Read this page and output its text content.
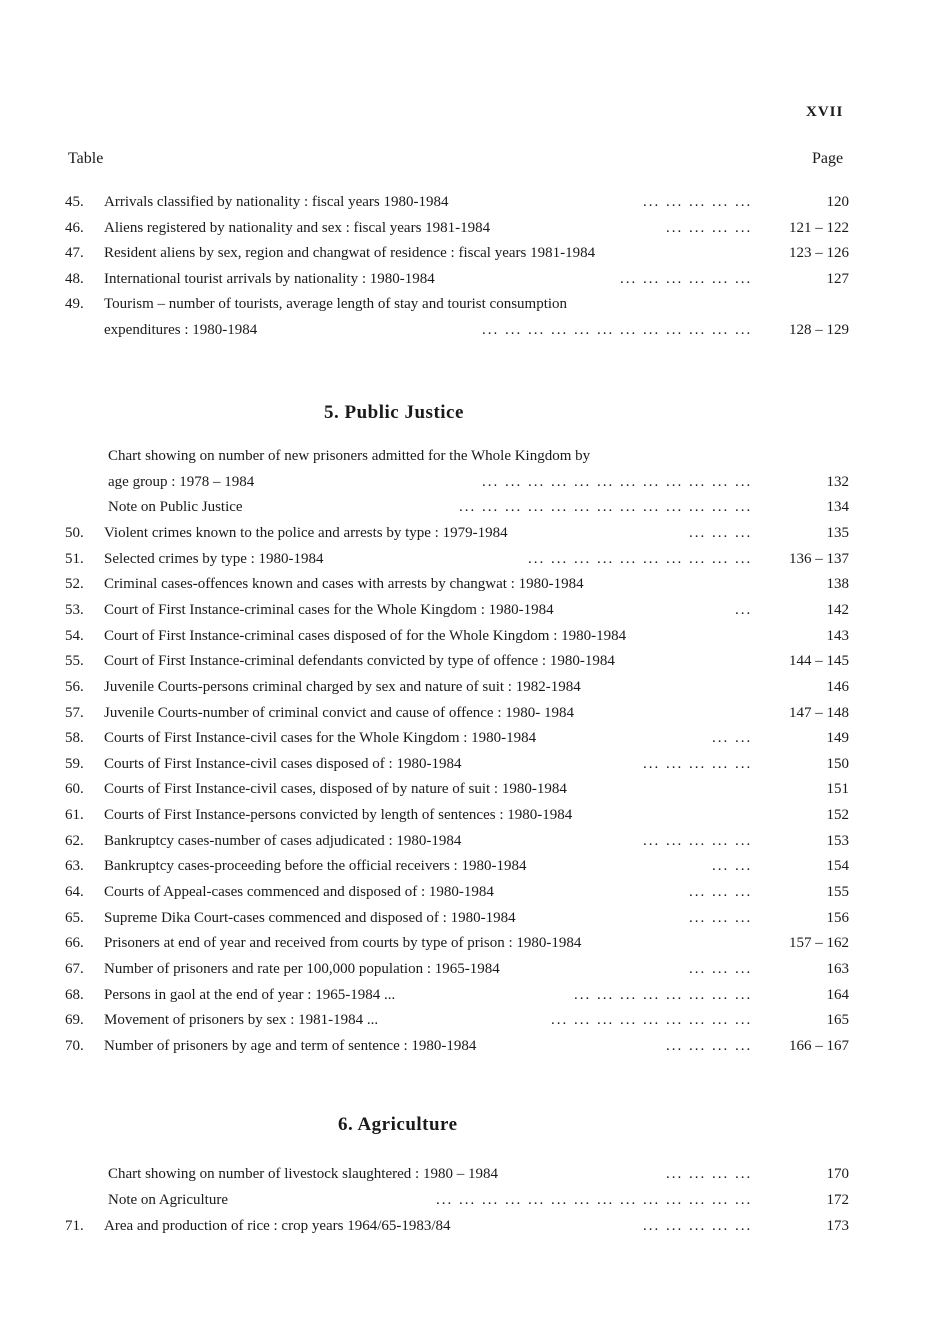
XVII
Table	Page
45.	Arrivals classified by nationality : fiscal years 1980-1984	... ... ... ... ...	120
46.	Aliens registered by nationality and sex : fiscal years 1981-1984	... ... ... ... 121 – 122
47.	Resident aliens by sex, region and changwat of residence : fiscal years 1981-1984	123 – 126
48.	International tourist arrivals by nationality : 1980-1984	... ... ... ... ... ...	127
49.	Tourism – number of tourists, average length of stay and tourist consumption
expenditures : 1980-1984	... ... ... ... ... ... ... ... ... ... ... ... 128 – 129
5. Public Justice
Chart showing on number of new prisoners admitted for the Whole Kingdom by
age group : 1978 – 1984	... ... ... ... ... ... ... ... ... ... ... ...	132
Note on Public Justice	... ... ... ... ... ... ... ... ... ... ... ... ...	134
50.	Violent crimes known to the police and arrests by type : 1979-1984	... ... ...	135
51.	Selected crimes by type : 1980-1984	... ... ... ... ... ... ... ... ... ... 136 – 137
52.	Criminal cases-offences known and cases with arrests by changwat : 1980-1984	138
53.	Court of First Instance-criminal cases for the Whole Kingdom : 1980-1984	...	142
54.	Court of First Instance-criminal cases disposed of for the Whole Kingdom : 1980-1984	143
55.	Court of First Instance-criminal defendants convicted by type of offence : 1980-1984	144 – 145
56.	Juvenile Courts-persons criminal charged by sex and nature of suit : 1982-1984	146
57.	Juvenile Courts-number of criminal convict and cause of offence : 1980- 1984	147 – 148
58.	Courts of First Instance-civil cases for the Whole Kingdom : 1980-1984	... ...	149
59.	Courts of First Instance-civil cases disposed of : 1980-1984	... ... ... ... ...	150
60.	Courts of First Instance-civil cases, disposed of by nature of suit : 1980-1984	151
61.	Courts of First Instance-persons convicted by length of sentences : 1980-1984	152
62.	Bankruptcy cases-number of cases adjudicated : 1980-1984	... ... ... ... ...	153
63.	Bankruptcy cases-proceeding before the official receivers : 1980-1984	... ...	154
64.	Courts of Appeal-cases commenced and disposed of : 1980-1984	... ... ...	155
65.	Supreme Dika Court-cases commenced and disposed of : 1980-1984	... ... ...	156
66.	Prisoners at end of year and received from courts by type of prison : 1980-1984	157 – 162
67.	Number of prisoners and rate per 100,000 population : 1965-1984	... ... ...	163
68.	Persons in gaol at the end of year : 1965-1984 ...	... ... ... ... ... ... ... ...	164
69.	Movement of prisoners by sex : 1981-1984 ...	... ... ... ... ... ... ... ... ...	165
70.	Number of prisoners by age and term of sentence : 1980-1984	... ... ... ... 166 – 167
6. Agriculture
Chart showing on number of livestock slaughtered : 1980 – 1984	... ... ... ...	170
Note on Agriculture	... ... ... ... ... ... ... ... ... ... ... ... ... ...	172
71.	Area and production of rice : crop years 1964/65-1983/84	... ... ... ... ...	173
